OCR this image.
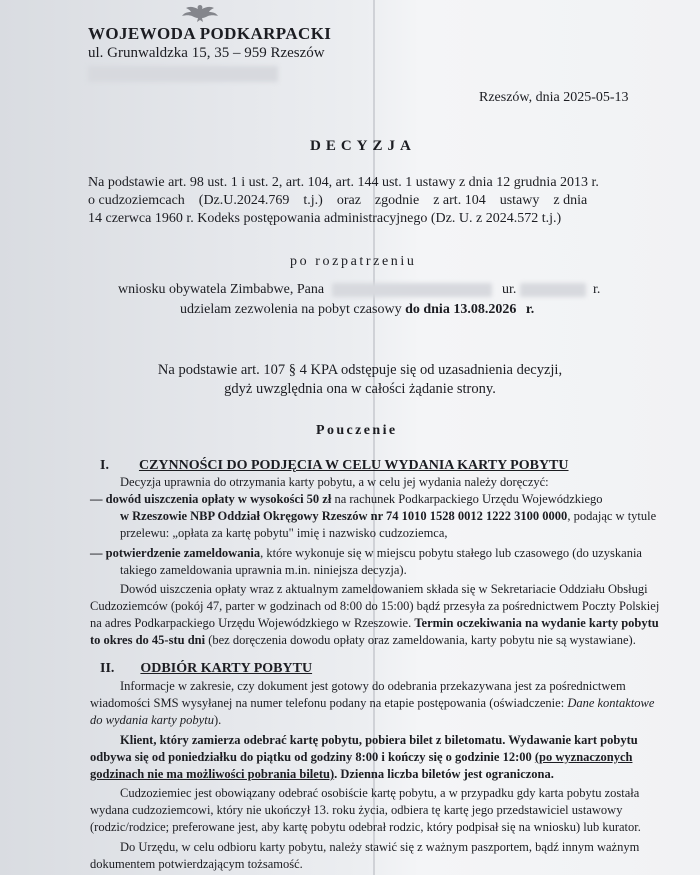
WOJEWODA PODKARPACKI
ul. Grunwaldzka 15, 35 – 959 Rzeszów
Rzeszów, dnia 2025-05-13
DECYZJA
Na podstawie art. 98 ust. 1 i ust. 2, art. 104, art. 144 ust. 1 ustawy z dnia 12 grudnia 2013 r.
o cudzoziemcach    (Dz.U.2024.769    t.j.)    oraz    zgodnie    z art. 104    ustawy    z dnia
14 czerwca 1960 r. Kodeks postępowania administracyjnego (Dz. U. z 2024.572 t.j.)
po rozpatrzeniu
wniosku obywatela Zimbabwe, Pana	ur.	r.
udzielam zezwolenia na pobyt czasowy do dnia 13.08.2026 r.
Na podstawie art. 107 § 4 KPA odstępuje się od uzasadnienia decyzji,
gdyż uwzględnia ona w całości żądanie strony.
Pouczenie
I. CZYNNOŚCI DO PODJĘCIA W CELU WYDANIA KARTY POBYTU
Decyzja uprawnia do otrzymania karty pobytu, a w celu jej wydania należy doręczyć:
— dowód uiszczenia opłaty w wysokości 50 zł na rachunek Podkarpackiego Urzędu Wojewódzkiego
w Rzeszowie NBP Oddział Okręgowy Rzeszów nr 74 1010 1528 0012 1222 3100 0000, podając w tytule
przelewu: „opłata za kartę pobytu" imię i nazwisko cudzoziemca,
— potwierdzenie zameldowania, które wykonuje się w miejscu pobytu stałego lub czasowego (do uzyskania
takiego zameldowania uprawnia m.in. niniejsza decyzja).
Dowód uiszczenia opłaty wraz z aktualnym zameldowaniem składa się w Sekretariacie Oddziału Obsługi
Cudzoziemców (pokój 47, parter w godzinach od 8:00 do 15:00) bądź przesyła za pośrednictwem Poczty Polskiej
na adres Podkarpackiego Urzędu Wojewódzkiego w Rzeszowie. Termin oczekiwania na wydanie karty pobytu
to okres do 45-stu dni (bez doręczenia dowodu opłaty oraz zameldowania, karty pobytu nie są wystawiane).
II. ODBIÓR KARTY POBYTU
Informacje w zakresie, czy dokument jest gotowy do odebrania przekazywana jest za pośrednictwem
wiadomości SMS wysyłanej na numer telefonu podany na etapie postępowania (oświadczenie: Dane kontaktowe
do wydania karty pobytu).
Klient, który zamierza odebrać kartę pobytu, pobiera bilet z biletomatu. Wydawanie kart pobytu
odbywa się od poniedziałku do piątku od godziny 8:00 i kończy się o godzinie 12:00 (po wyznaczonych
godzinach nie ma możliwości pobrania biletu). Dzienna liczba biletów jest ograniczona.
Cudzoziemiec jest obowiązany odebrać osobiście kartę pobytu, a w przypadku gdy karta pobytu została
wydana cudzoziemcowi, który nie ukończył 13. roku życia, odbiera tę kartę jego przedstawiciel ustawowy
(rodzic/rodzice; preferowane jest, aby kartę pobytu odebrał rodzic, który podpisał się na wniosku) lub kurator.
Do Urzędu, w celu odbioru karty pobytu, należy stawić się z ważnym paszportem, bądź innym ważnym
dokumentem potwierdzającym tożsamość.
